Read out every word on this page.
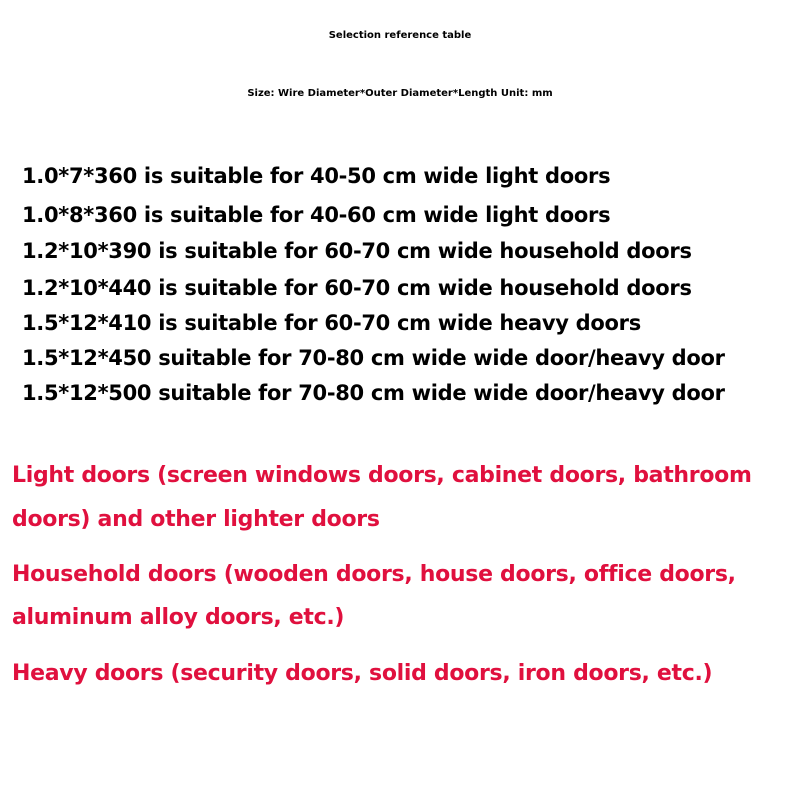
Selection reference table
Size: Wire Diameter*Outer Diameter*Length Unit: mm
1.0*7*360 is suitable for 40-50 cm wide light doors
1.0*8*360 is suitable for 40-60 cm wide light doors
1.2*10*390 is suitable for 60-70 cm wide household doors
1.2*10*440 is suitable for 60-70 cm wide household doors
1.5*12*410 is suitable for 60-70 cm wide heavy doors
1.5*12*450 suitable for 70-80 cm wide wide door/heavy door
1.5*12*500 suitable for 70-80 cm wide wide door/heavy door
Light doors (screen windows doors, cabinet doors, bathroom
doors) and other lighter doors
Household doors (wooden doors, house doors, office doors,
aluminum alloy doors, etc.)
Heavy doors (security doors, solid doors, iron doors, etc.)
